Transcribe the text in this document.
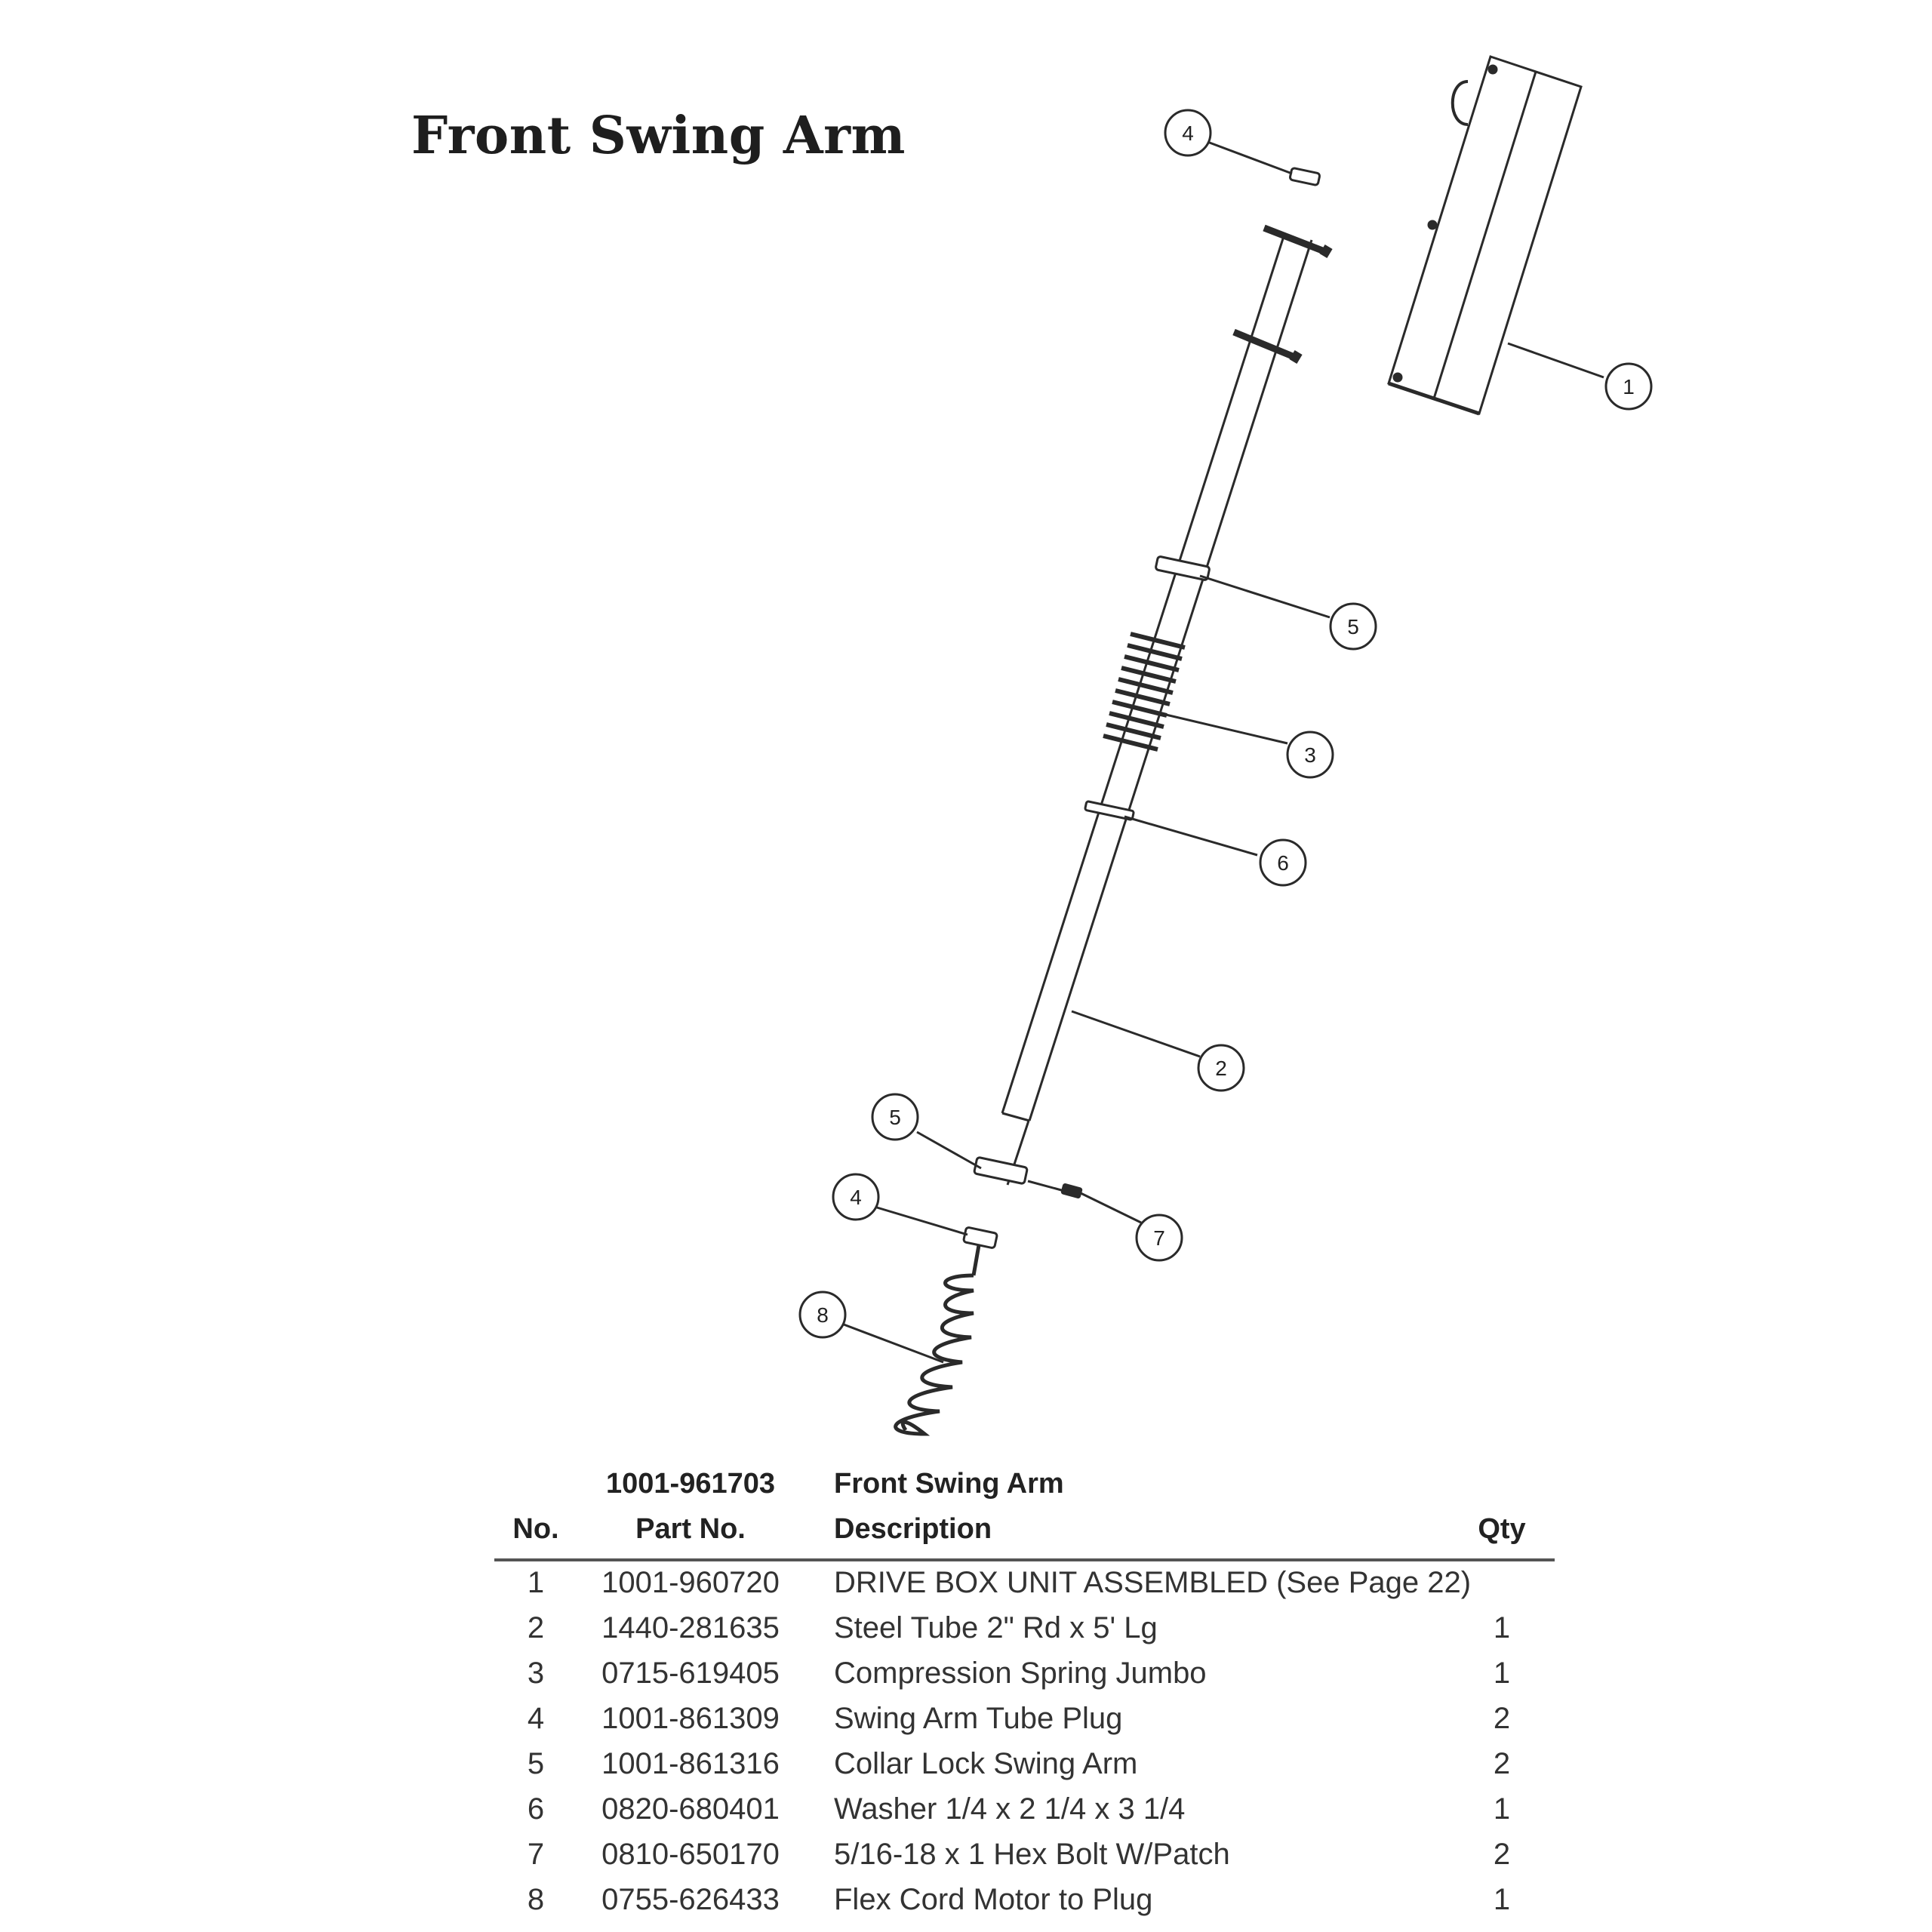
Front Swing Arm	4
1
5
3
6
2
5
4
7
8
1001-961703 Front Swing Arm
No.	Part No.	Description	Qty
1	1001-960720 DRIVE BOX UNIT ASSEMBLED (See Page 22)
2	1440-281635 Steel Tube 2" Rd x 5' Lg	1
3	0715-619405 Compression Spring Jumbo	1
4	1001-861309 Swing Arm Tube Plug	2
5	1001-861316 Collar Lock Swing Arm	2
6	0820-680401 Washer 1/4 x 2 1/4 x 3 1/4	1
7	0810-650170 5/16-18 x 1 Hex Bolt W/Patch	2
8	0755-626433 Flex Cord Motor to Plug	1
